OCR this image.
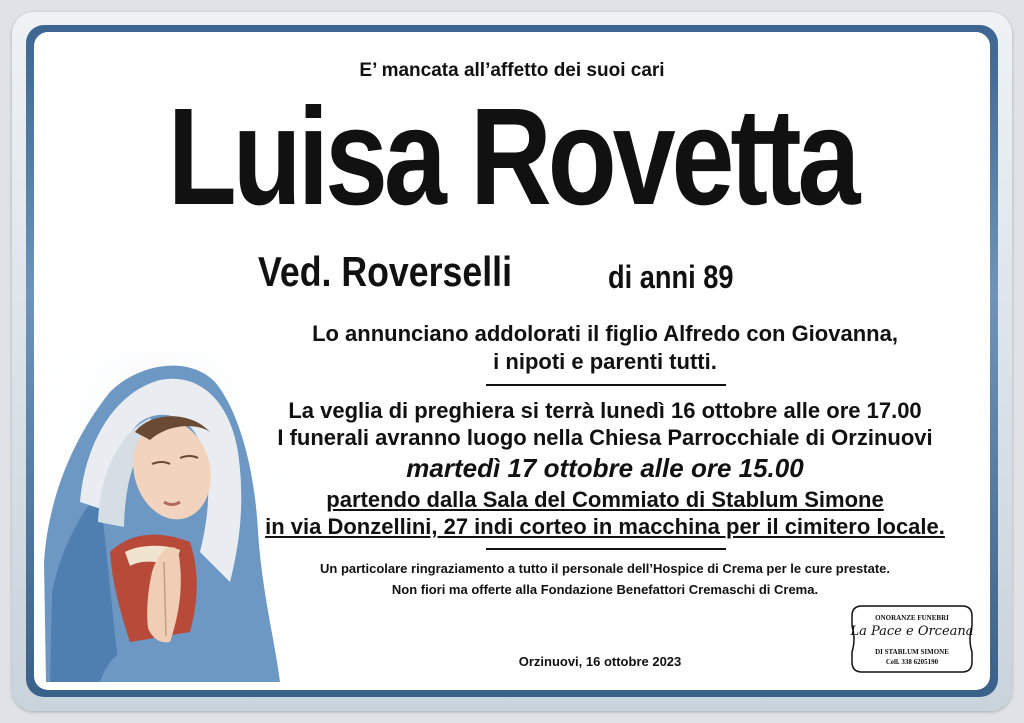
E’ mancata all’affetto dei suoi cari
Luisa Rovetta
Ved. Roverselli	di anni 89
Lo annunciano addolorati il figlio Alfredo con Giovanna,
i nipoti e parenti tutti.
La veglia di preghiera si terrà lunedì 16 ottobre alle ore 17.00
I funerali avranno luogo nella Chiesa Parrocchiale di Orzinuovi
martedì 17 ottobre alle ore 15.00
partendo dalla Sala del Commiato di Stablum Simone
in via Donzellini, 27 indi corteo in macchina per il cimitero locale.
Un particolare ringraziamento a tutto il personale dell’Hospice di Crema per le cure prestate.
Non fiori ma offerte alla Fondazione Benefattori Cremaschi di Crema.
Orzinuovi, 16 ottobre 2023
ONORANZE FUNEBRI
La Pace e Orceana
DI STABLUM SIMONE
Cell. 338 6205190
